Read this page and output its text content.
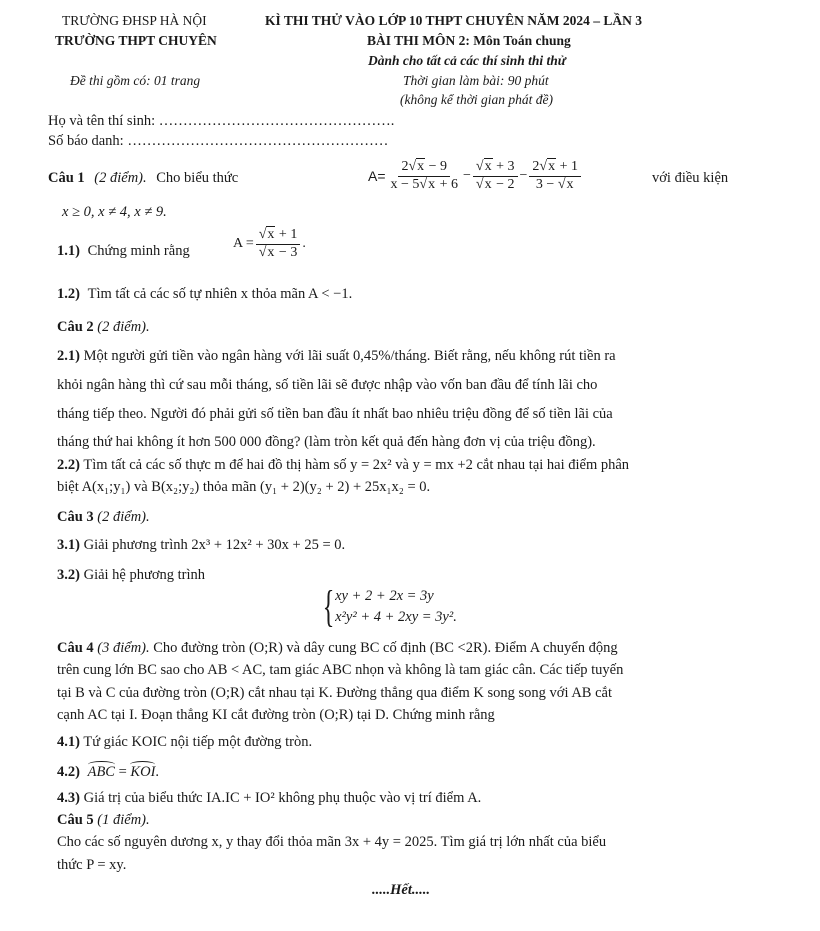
TRƯỜNG ĐHSP HÀ NỘI	KÌ THI THỬ VÀO LỚP 10 THPT CHUYÊN NĂM 2024 – LẦN 3
TRƯỜNG THPT CHUYÊN	BÀI THI MÔN 2: Môn Toán chung
Dành cho tất cả các thí sinh thi thử
Đề thi gồm có: 01 trang	Thời gian làm bài: 90 phút
(không kể thời gian phát đề)
Họ và tên thí sinh: ………………………………………….
Số báo danh: ………………………………………………
Câu 1 (2 điểm). Cho biểu thức	$A= \frac{2√x - 9}{x - 5√x + 6} - \frac{√x + 3}{√x - 2} - \frac{2√x + 1}{3 - √x}$	với điều kiện
x ≥ 0, x ≠ 4, x ≠ 9.
1.1) Chứng minh rằng	$A = \frac{√x + 1}{√x - 3}$ .
1.2) Tìm tất cả các số tự nhiên x thỏa mãn A < −1.
Câu 2 (2 điểm).
2.1) Một người gửi tiền vào ngân hàng với lãi suất 0,45%/tháng. Biết rằng, nếu không rút tiền ra
khỏi ngân hàng thì cứ sau mỗi tháng, số tiền lãi sẽ được nhập vào vốn ban đầu để tính lãi cho
tháng tiếp theo. Người đó phải gửi số tiền ban đầu ít nhất bao nhiêu triệu đồng để số tiền lãi của
tháng thứ hai không ít hơn 500 000 đồng? (làm tròn kết quả đến hàng đơn vị của triệu đồng).
2.2) Tìm tất cả các số thực m để hai đồ thị hàm số y = 2x² và y = mx +2 cắt nhau tại hai điểm phân
biệt A(x₁;y₁) và B(x₂;y₂) thỏa mãn (y₁ + 2)(y₂ + 2) + 25x₁x₂ = 0.
Câu 3 (2 điểm).
3.1) Giải phương trình 2x³ + 12x² + 30x + 25 = 0.
3.2) Giải hệ phương trình
{ xy + 2 + 2x = 3y
x²y² + 4 + 2xy = 3y².
Câu 4 (3 điểm). Cho đường tròn (O;R) và dây cung BC cố định (BC <2R). Điểm A chuyển động
trên cung lớn BC sao cho AB < AC, tam giác ABC nhọn và không là tam giác cân. Các tiếp tuyến
tại B và C của đường tròn (O;R) cắt nhau tại K. Đường thẳng qua điểm K song song với AB cắt
cạnh AC tại I. Đoạn thẳng KI cắt đường tròn (O;R) tại D. Chứng minh rằng
4.1) Tứ giác KOIC nội tiếp một đường tròn.
4.2) ABC = KOI.
4.3) Giá trị của biểu thức IA.IC + IO² không phụ thuộc vào vị trí điểm A.
Câu 5 (1 điểm).
Cho các số nguyên dương x, y thay đổi thỏa mãn 3x + 4y = 2025. Tìm giá trị lớn nhất của biểu
thức P = xy.
.....Hết.....
